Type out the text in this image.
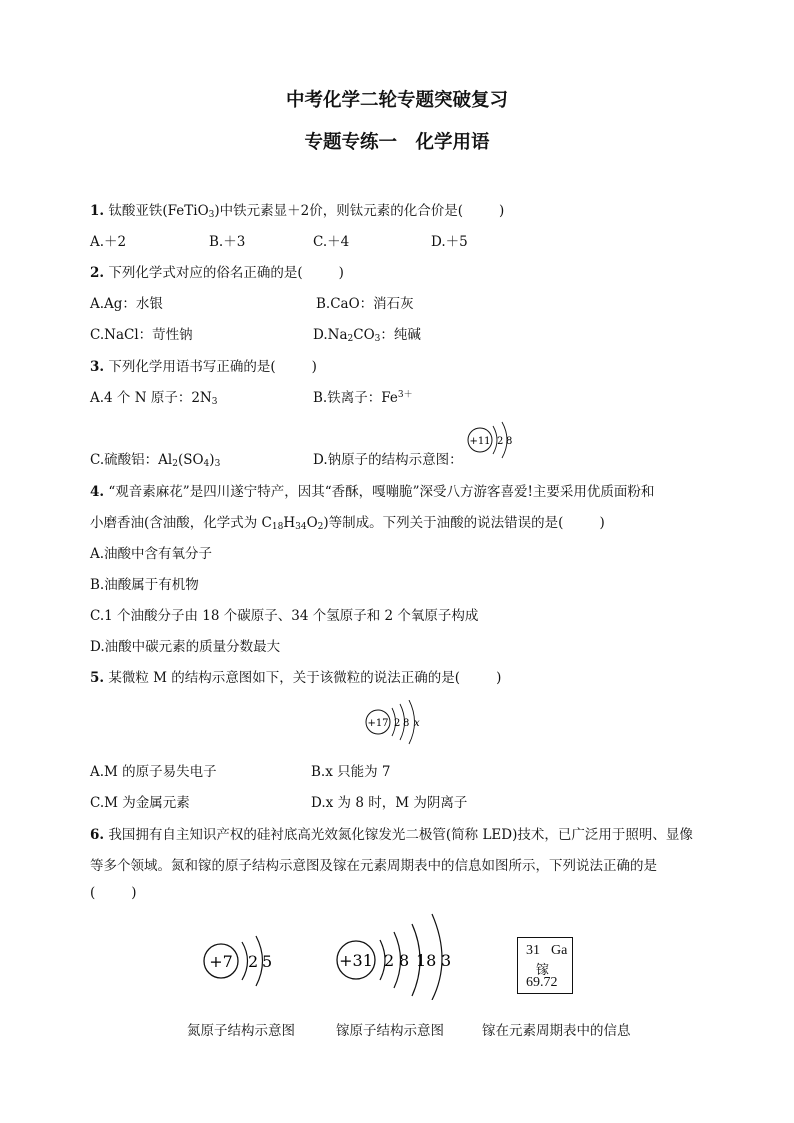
中考化学二轮专题突破复习
专题专练一　化学用语
1. 钛酸亚铁(FeTiO$_3$)中铁元素显＋2价，则钛元素的化合价是(	)
A.＋2	B.＋3	C.＋4	D.＋5
2. 下列化学式对应的俗名正确的是(	)
A.Ag：水银	B.CaO：消石灰
C.NaCl：苛性钠	$D.Na_2CO_3$：纯碱
3. 下列化学用语书写正确的是(	)
A.4 个 N 原子：$2N_3$	B.铁离子：$Fe^{3+}$
C.硫酸铝：$Al_2(SO_4)_3$	D.钠原子的结构示意图：
+11 2 8
4. “观音素麻花”是四川遂宁特产，因其“香酥，嘎嘣脆”深受八方游客喜爱!主要采用优质面粉和
小磨香油(含油酸，化学式为 $C_{18}H_{34}O_2$)等制成。下列关于油酸的说法错误的是(	)
A.油酸中含有氧分子
B.油酸属于有机物
C.1 个油酸分子由 18 个碳原子、34 个氢原子和 2 个氧原子构成
D.油酸中碳元素的质量分数最大
5. 某微粒 M 的结构示意图如下，关于该微粒的说法正确的是(	)
+17 2 8 x
A.M 的原子易失电子	B.x 只能为 7
C.M 为金属元素	D.x 为 8 时，M 为阴离子
6. 我国拥有自主知识产权的硅衬底高光效氮化镓发光二极管(简称 LED)技术，已广泛用于照明、显像
等多个领域。氮和镓的原子结构示意图及镓在元素周期表中的信息如图所示，下列说法正确的是
(	)
+7 2 5	+31 2 8 18 3
31 Ga
镓
69.72
氮原子结构示意图	镓原子结构示意图	镓在元素周期表中的信息
